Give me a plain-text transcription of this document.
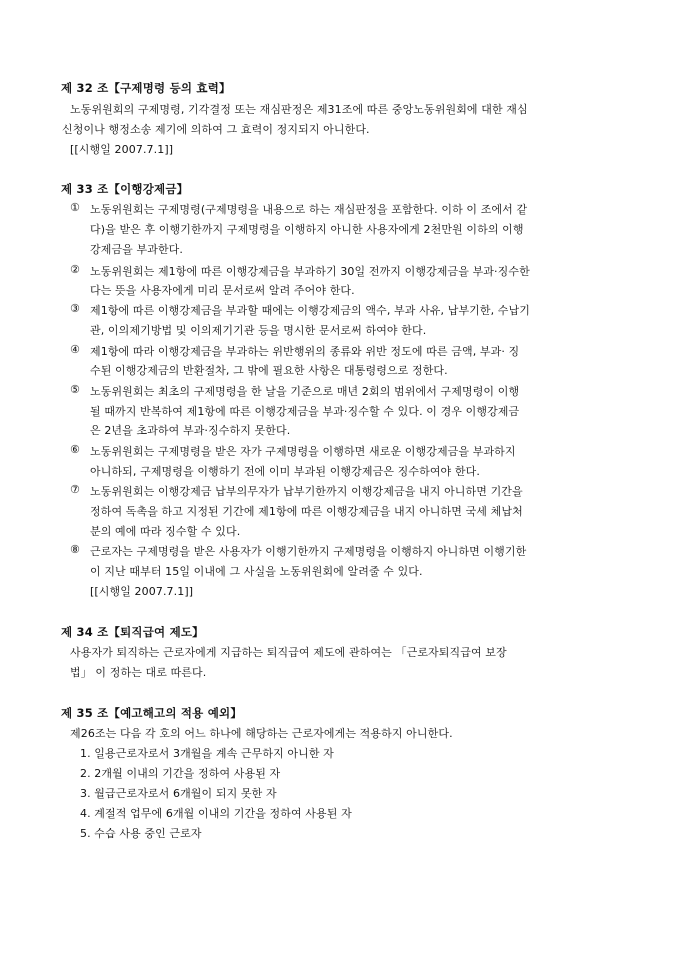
제 32 조【구제명령 등의 효력】
노동위원회의 구제명령, 기각결정 또는 재심판정은 제31조에 따른 중앙노동위원회에 대한 재심
신청이나 행정소송 제기에 의하여 그 효력이 정지되지 아니한다.
[[시행일 2007.7.1]]
제 33 조【이행강제금】
① 노동위원회는 구제명령(구제명령을 내용으로 하는 재심판정을 포함한다. 이하 이 조에서 같
다)을 받은 후 이행기한까지 구제명령을 이행하지 아니한 사용자에게 2천만원 이하의 이행
강제금을 부과한다.
② 노동위원회는 제1항에 따른 이행강제금을 부과하기 30일 전까지 이행강제금을 부과·징수한
다는 뜻을 사용자에게 미리 문서로써 알려 주어야 한다.
③ 제1항에 따른 이행강제금을 부과할 때에는 이행강제금의 액수, 부과 사유, 납부기한, 수납기
관, 이의제기방법 및 이의제기기관 등을 명시한 문서로써 하여야 한다.
④ 제1항에 따라 이행강제금을 부과하는 위반행위의 종류와 위반 정도에 따른 금액, 부과· 징
수된 이행강제금의 반환절차, 그 밖에 필요한 사항은 대통령령으로 정한다.
⑤ 노동위원회는 최초의 구제명령을 한 날을 기준으로 매년 2회의 범위에서 구제명령이 이행
될 때까지 반복하여 제1항에 따른 이행강제금을 부과·징수할 수 있다. 이 경우 이행강제금
은 2년을 초과하여 부과·징수하지 못한다.
⑥ 노동위원회는 구제명령을 받은 자가 구제명령을 이행하면 새로운 이행강제금을 부과하지
아니하되, 구제명령을 이행하기 전에 이미 부과된 이행강제금은 징수하여야 한다.
⑦ 노동위원회는 이행강제금 납부의무자가 납부기한까지 이행강제금을 내지 아니하면 기간을
정하여 독촉을 하고 지정된 기간에 제1항에 따른 이행강제금을 내지 아니하면 국세 체납처
분의 예에 따라 징수할 수 있다.
⑧ 근로자는 구제명령을 받은 사용자가 이행기한까지 구제명령을 이행하지 아니하면 이행기한
이 지난 때부터 15일 이내에 그 사실을 노동위원회에 알려줄 수 있다.
[[시행일 2007.7.1]]
제 34 조【퇴직급여 제도】
사용자가 퇴직하는 근로자에게 지급하는 퇴직급여 제도에 관하여는 「근로자퇴직급여 보장
법」 이 정하는 대로 따른다.
제 35 조【예고해고의 적용 예외】
제26조는 다음 각 호의 어느 하나에 해당하는 근로자에게는 적용하지 아니한다.
1. 일용근로자로서 3개월을 계속 근무하지 아니한 자
2. 2개월 이내의 기간을 정하여 사용된 자
3. 월급근로자로서 6개월이 되지 못한 자
4. 계절적 업무에 6개월 이내의 기간을 정하여 사용된 자
5. 수습 사용 중인 근로자
